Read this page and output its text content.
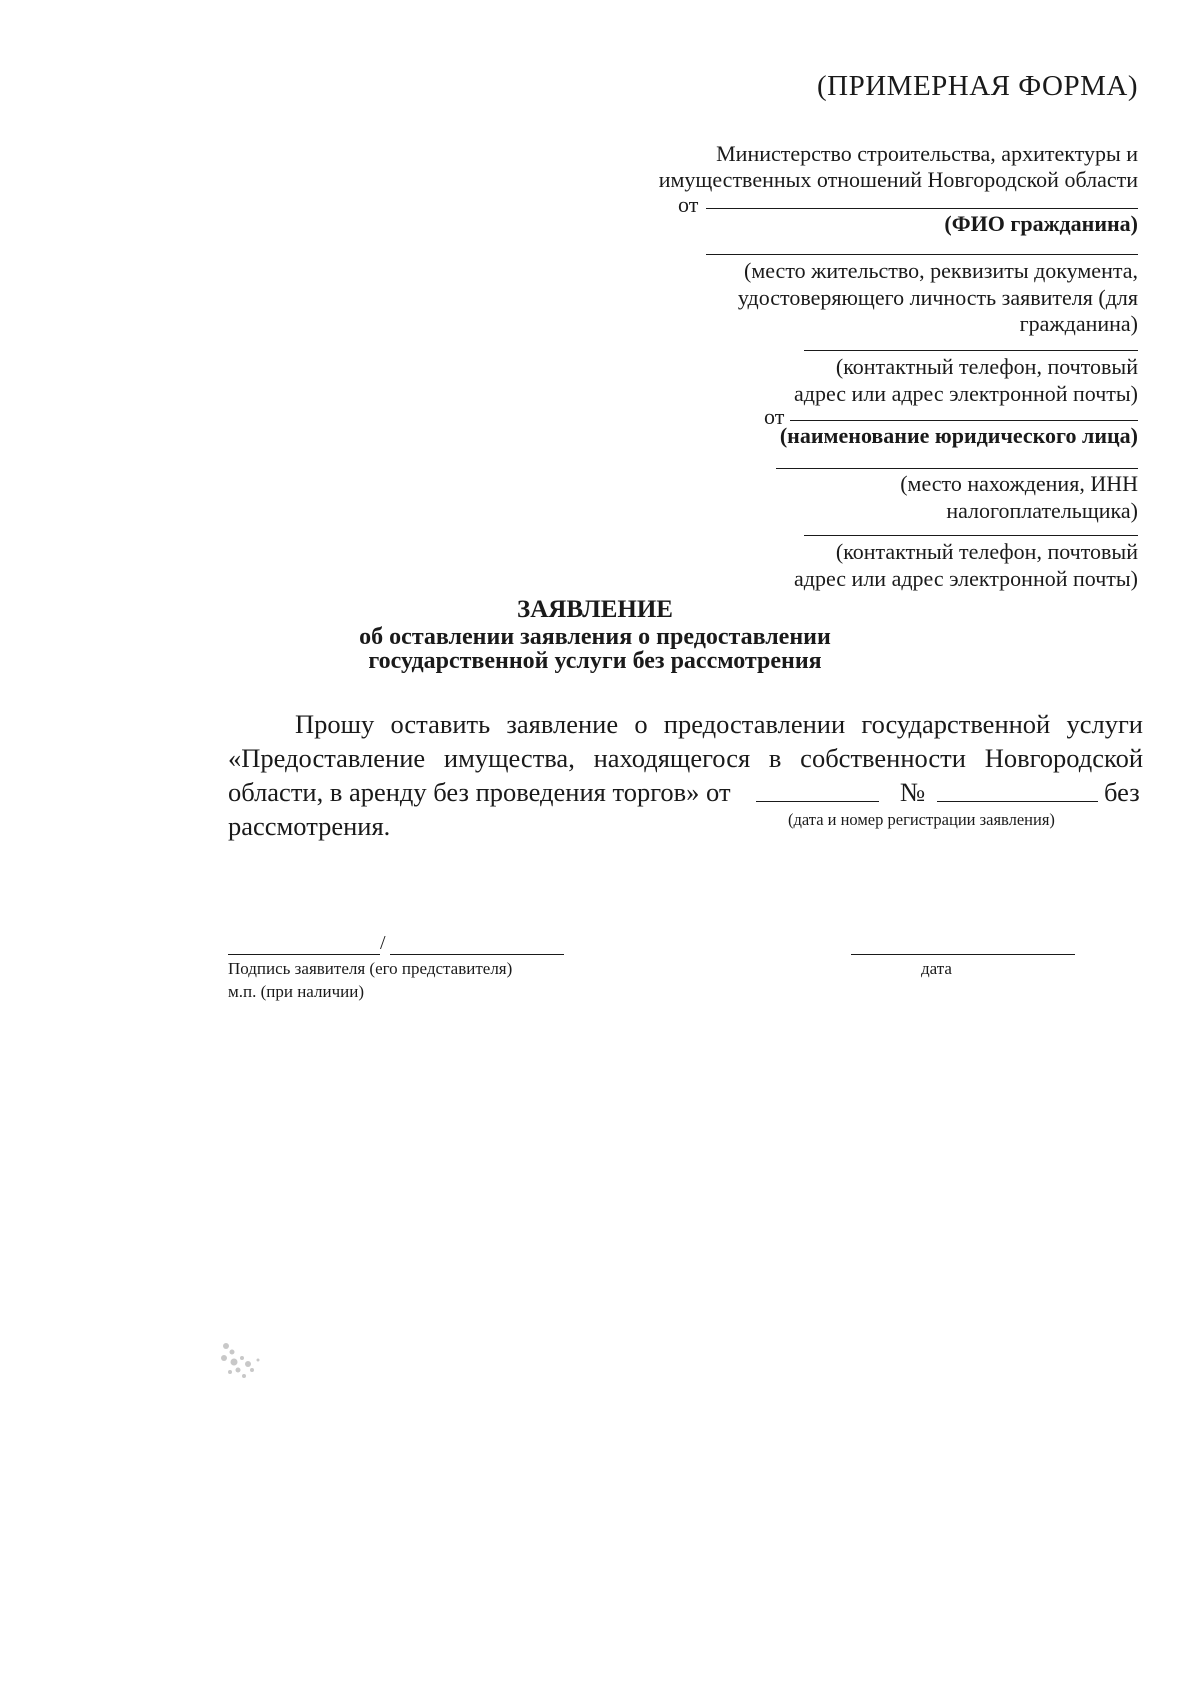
(ПРИМЕРНАЯ ФОРМА)
Министерство строительства, архитектуры и
имущественных отношений Новгородской области
от
(ФИО гражданина)
(место жительство, реквизиты документа,
удостоверяющего личность заявителя (для
гражданина)
(контактный телефон, почтовый
адрес или адрес электронной почты)
от
(наименование юридического лица)
(место нахождения, ИНН
налогоплательщика)
(контактный телефон, почтовый
адрес или адрес электронной почты)
ЗАЯВЛЕНИЕ
об оставлении заявления о предоставлении
государственной услуги без рассмотрения
Прошу оставить заявление о предоставлении государственной услуги
«Предоставление имущества, находящегося в собственности Новгородской
области, в аренду без проведения торгов» от	№	без
рассмотрения.	(дата и номер регистрации заявления)
/
Подпись заявителя (его представителя)
м.п. (при наличии)
дата
